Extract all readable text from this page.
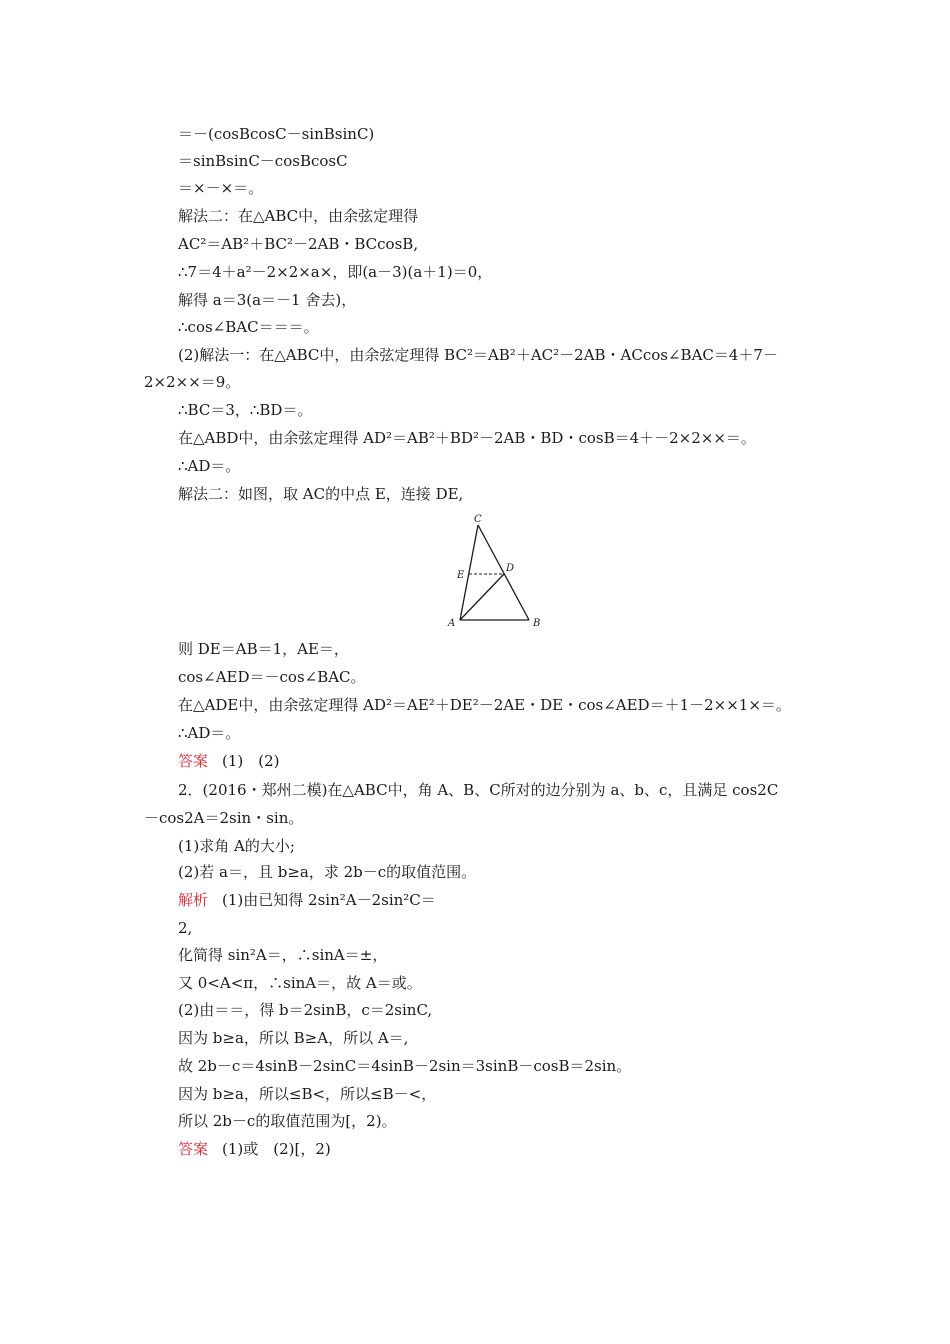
＝－(cosBcosC－sinBsinC)
＝sinBsinC－cosBcosC
＝×－×＝。
解法二：在△ABC中，由余弦定理得
AC²＝AB²＋BC²－2AB・BCcosB,
∴7＝4＋a²－2×2×a×，即(a－3)(a＋1)＝0，
解得 a＝3(a＝－1 舍去)，
∴cos∠BAC＝＝＝。
(2)解法一：在△ABC中，由余弦定理得 BC²＝AB²＋AC²－2AB・ACcos∠BAC＝4＋7－
2×2××＝9。
∴BC＝3，∴BD＝。
在△ABD中，由余弦定理得 AD²＝AB²＋BD²－2AB・BD・cosB＝4＋－2×2××＝。
∴AD＝。
解法二：如图，取 AC的中点 E，连接 DE,
C
E
D
A	B
则 DE＝AB＝1，AE＝，
cos∠AED＝－cos∠BAC。
在△ADE中，由余弦定理得 AD²＝AE²＋DE²－2AE・DE・cos∠AED＝＋1－2××1×＝。
∴AD＝。
答案 (1)　(2)
2．(2016・郑州二模)在△ABC中，角 A、B、C所对的边分别为 a、b、c，且满足 cos2C
－cos2A＝2sin・sin。
(1)求角 A的大小;
(2)若 a＝，且 b≥a，求 2b－c的取值范围。
解析 (1)由已知得 2sin²A－2sin²C＝
2,
化简得 sin²A＝，∴sinA＝±，
又 0<A<π，∴sinA＝，故 A＝或。
(2)由＝＝，得 b＝2sinB，c＝2sinC,
因为 b≥a，所以 B≥A，所以 A＝,
故 2b－c＝4sinB－2sinC＝4sinB－2sin＝3sinB－cosB＝2sin。
因为 b≥a，所以≤B<，所以≤B－<，
所以 2b－c的取值范围为[，2)。
答案 (1)或　(2)[，2)
